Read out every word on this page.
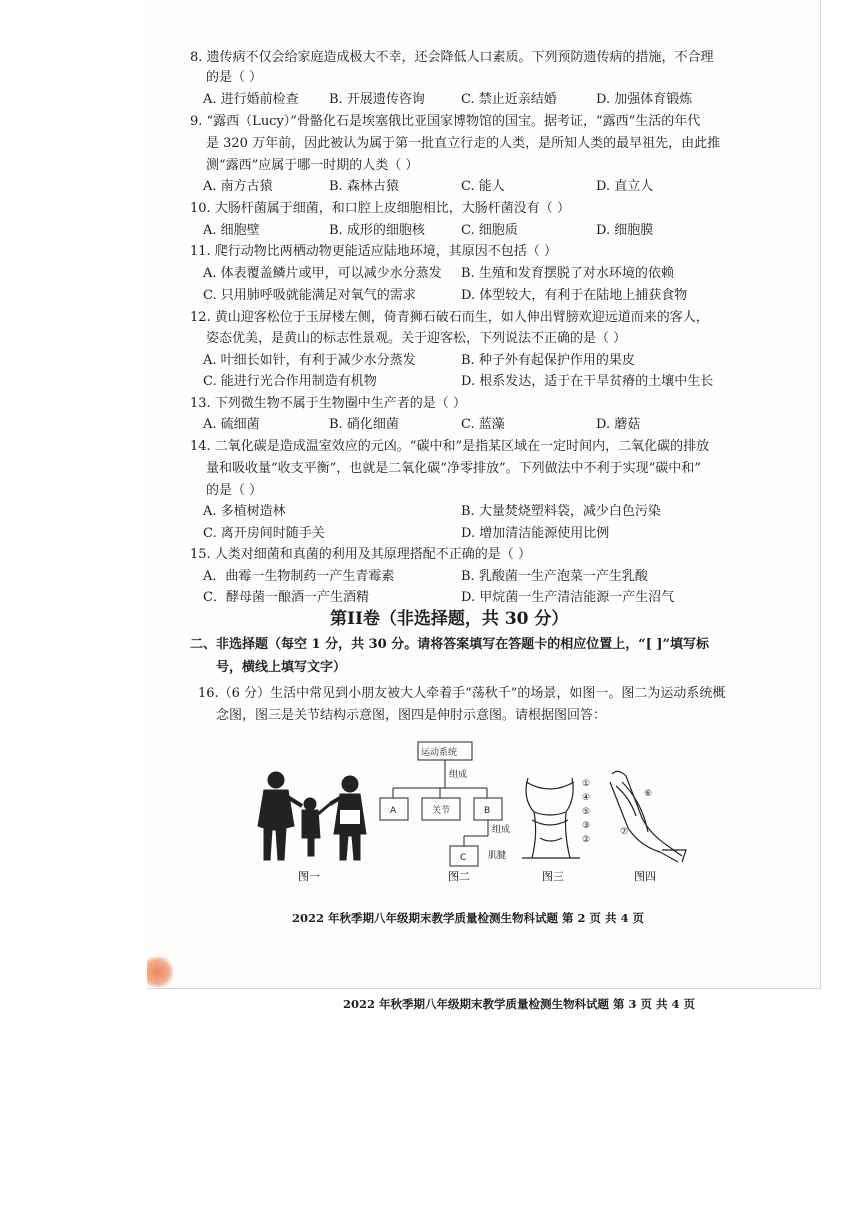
8. 遗传病不仅会给家庭造成极大不幸，还会降低人口素质。下列预防遗传病的措施，不合理
的是（ ）
A. 进行婚前检查 B. 开展遗传咨询	C. 禁止近亲结婚	D. 加强体育锻炼
9. “露西（Lucy）”骨骼化石是埃塞俄比亚国家博物馆的国宝。据考证，“露西”生活的年代
是 320 万年前，因此被认为属于第一批直立行走的人类，是所知人类的最早祖先，由此推
测“露西”应属于哪一时期的人类（ ）
A. 南方古猿	B. 森林古猿	C. 能人	D. 直立人
10. 大肠杆菌属于细菌，和口腔上皮细胞相比，大肠杆菌没有（ ）
A. 细胞壁	B. 成形的细胞核	C. 细胞质	D. 细胞膜
11. 爬行动物比两栖动物更能适应陆地环境，其原因不包括（ ）
A. 体表覆盖鳞片或甲，可以减少水分蒸发 B. 生殖和发育摆脱了对水环境的依赖
C. 只用肺呼吸就能满足对氧气的需求	D. 体型较大，有利于在陆地上捕获食物
12. 黄山迎客松位于玉屏楼左侧，倚青狮石破石而生，如人伸出臂膀欢迎远道而来的客人，
姿态优美，是黄山的标志性景观。关于迎客松，下列说法不正确的是（ ）
A. 叶细长如针，有利于减少水分蒸发	B. 种子外有起保护作用的果皮
C. 能进行光合作用制造有机物	D. 根系发达，适于在干旱贫瘠的土壤中生长
13. 下列微生物不属于生物圈中生产者的是（ ）
A. 硫细菌	B. 硝化细菌	C. 蓝藻	D. 蘑菇
14. 二氧化碳是造成温室效应的元凶。“碳中和”是指某区域在一定时间内，二氧化碳的排放
量和吸收量“收支平衡”，也就是二氧化碳“净零排放”。下列做法中不利于实现“碳中和”
的是（ ）
A. 多植树造林	B. 大量焚烧塑料袋，减少白色污染
C. 离开房间时随手关	D. 增加清洁能源使用比例
15. 人类对细菌和真菌的利用及其原理搭配不正确的是（ ）
A．曲霉一生物制药一产生青霉素	B. 乳酸菌一生产泡菜一产生乳酸
C．酵母菌一酿酒一产生酒精	D. 甲烷菌一生产清洁能源一产生沼气
第II卷（非选择题，共 30 分）
二、非选择题（每空 1 分，共 30 分。请将答案填写在答题卡的相应位置上，“[ ]”填写标
号，横线上填写文字）
16.（6 分）生活中常见到小朋友被大人牵着手“荡秋千”的场景，如图一。图二为运动系统概
念图，图三是关节结构示意图，图四是伸肘示意图。请根据图回答：
图一
运动系统
组成
A	关节	B
组成
C 肌腱
图二
①
④
⑤
③
②
图三
⑥
⑦
图四
2022 年秋季期八年级期末教学质量检测生物科试题 第 2 页 共 4 页
2022 年秋季期八年级期末教学质量检测生物科试题 第 3 页 共 4 页
